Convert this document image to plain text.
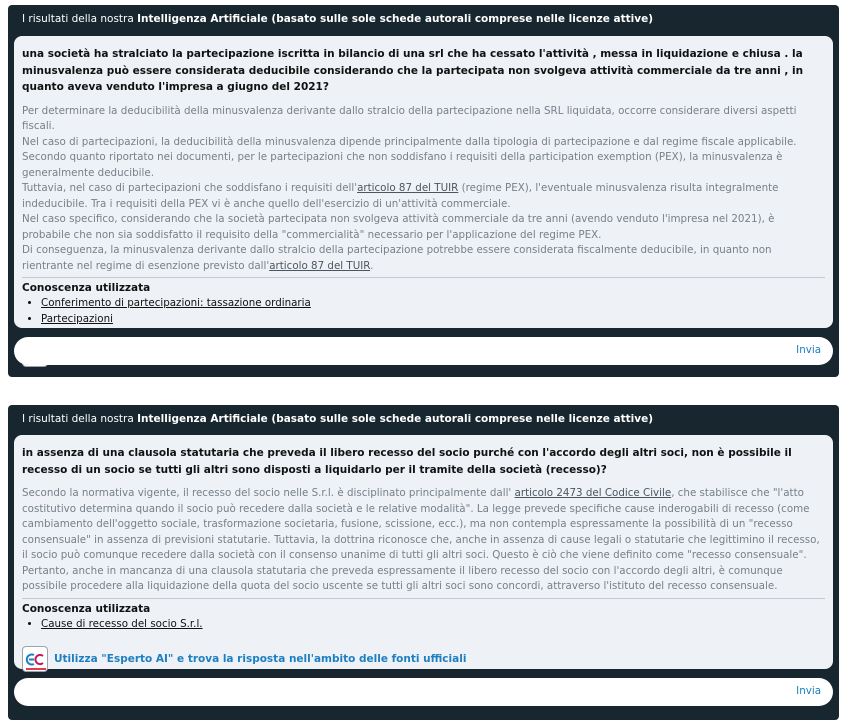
I risultati della nostra Intelligenza Artificiale (basato sulle sole schede autorali comprese nelle licenze attive)

una società ha stralciato la partecipazione iscritta in bilancio di una srl che ha cessato l'attività , messa in liquidazione e chiusa . la minusvalenza può essere considerata deducibile considerando che la partecipata non svolgeva attività commerciale da tre anni , in quanto aveva venduto l'impresa a giugno del 2021?

Per determinare la deducibilità della minusvalenza derivante dallo stralcio della partecipazione nella SRL liquidata, occorre considerare diversi aspetti fiscali.
Nel caso di partecipazioni, la deducibilità della minusvalenza dipende principalmente dalla tipologia di partecipazione e dal regime fiscale applicabile. Secondo quanto riportato nei documenti, per le partecipazioni che non soddisfano i requisiti della participation exemption (PEX), la minusvalenza è generalmente deducibile.
Tuttavia, nel caso di partecipazioni che soddisfano i requisiti dell'articolo 87 del TUIR (regime PEX), l'eventuale minusvalenza risulta integralmente indeducibile. Tra i requisiti della PEX vi è anche quello dell'esercizio di un'attività commerciale.
Nel caso specifico, considerando che la società partecipata non svolgeva attività commerciale da tre anni (avendo venduto l'impresa nel 2021), è probabile che non sia soddisfatto il requisito della "commercialità" necessario per l'applicazione del regime PEX.
Di conseguenza, la minusvalenza derivante dallo stralcio della partecipazione potrebbe essere considerata fiscalmente deducibile, in quanto non rientrante nel regime di esenzione previsto dall'articolo 87 del TUIR.
Conoscenza utilizzata
• Conferimento di partecipazioni: tassazione ordinaria
• Partecipazioni
Invia
I risultati della nostra Intelligenza Artificiale (basato sulle sole schede autorali comprese nelle licenze attive)

in assenza di una clausola statutaria che preveda il libero recesso del socio purché con l'accordo degli altri soci, non è possibile il recesso di un socio se tutti gli altri sono disposti a liquidarlo per il tramite della società (recesso)?

Secondo la normativa vigente, il recesso del socio nelle S.r.l. è disciplinato principalmente dall' articolo 2473 del Codice Civile, che stabilisce che "l'atto costitutivo determina quando il socio può recedere dalla società e le relative modalità". La legge prevede specifiche cause inderogabili di recesso (come cambiamento dell'oggetto sociale, trasformazione societaria, fusione, scissione, ecc.), ma non contempla espressamente la possibilità di un "recesso consensuale" in assenza di previsioni statutarie. Tuttavia, la dottrina riconosce che, anche in assenza di cause legali o statutarie che legittimino il recesso, il socio può comunque recedere dalla società con il consenso unanime di tutti gli altri soci. Questo è ciò che viene definito come "recesso consensuale". Pertanto, anche in mancanza di una clausola statutaria che preveda espressamente il libero recesso del socio con l'accordo degli altri, è comunque possibile procedere alla liquidazione della quota del socio uscente se tutti gli altri soci sono concordi, attraverso l'istituto del recesso consensuale.
Conoscenza utilizzata
• Cause di recesso del socio S.r.l.
Utilizza "Esperto AI" e trova la risposta nell'ambito delle fonti ufficiali
Invia
